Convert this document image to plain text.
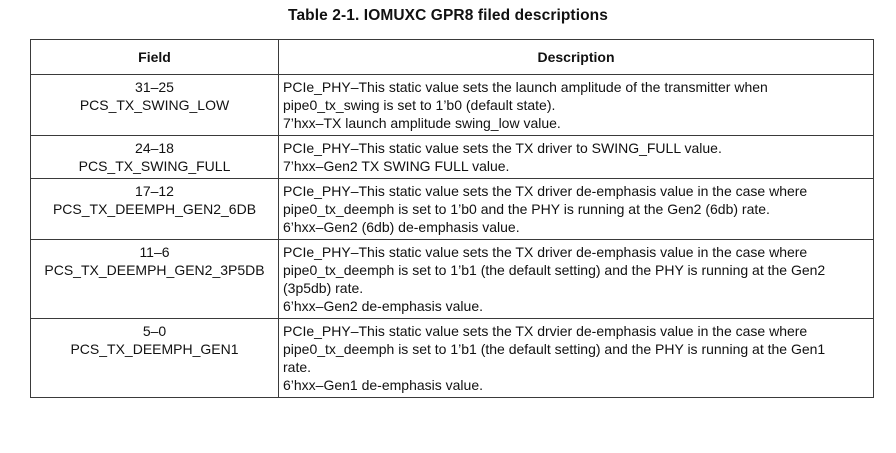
Table 2-1. IOMUXC GPR8 filed descriptions
Field	Description

31–25
PCS_TX_SWING_LOW	PCIe_PHY–This static value sets the launch amplitude of the transmitter when
pipe0_tx_swing is set to 1’b0 (default state).
7’hxx–TX launch amplitude swing_low value.

24–18
PCS_TX_SWING_FULL	PCIe_PHY–This static value sets the TX driver to SWING_FULL value.
7’hxx–Gen2 TX SWING FULL value.

17–12
PCS_TX_DEEMPH_GEN2_6DB	PCIe_PHY–This static value sets the TX driver de-emphasis value in the case where
pipe0_tx_deemph is set to 1’b0 and the PHY is running at the Gen2 (6db) rate.
6’hxx–Gen2 (6db) de-emphasis value.

11–6
PCS_TX_DEEMPH_GEN2_3P5DB	PCIe_PHY–This static value sets the TX driver de-emphasis value in the case where
pipe0_tx_deemph is set to 1’b1 (the default setting) and the PHY is running at the Gen2
(3p5db) rate.
6’hxx–Gen2 de-emphasis value.

5–0
PCS_TX_DEEMPH_GEN1	PCIe_PHY–This static value sets the TX drvier de-emphasis value in the case where
pipe0_tx_deemph is set to 1’b1 (the default setting) and the PHY is running at the Gen1
rate.
6’hxx–Gen1 de-emphasis value.
